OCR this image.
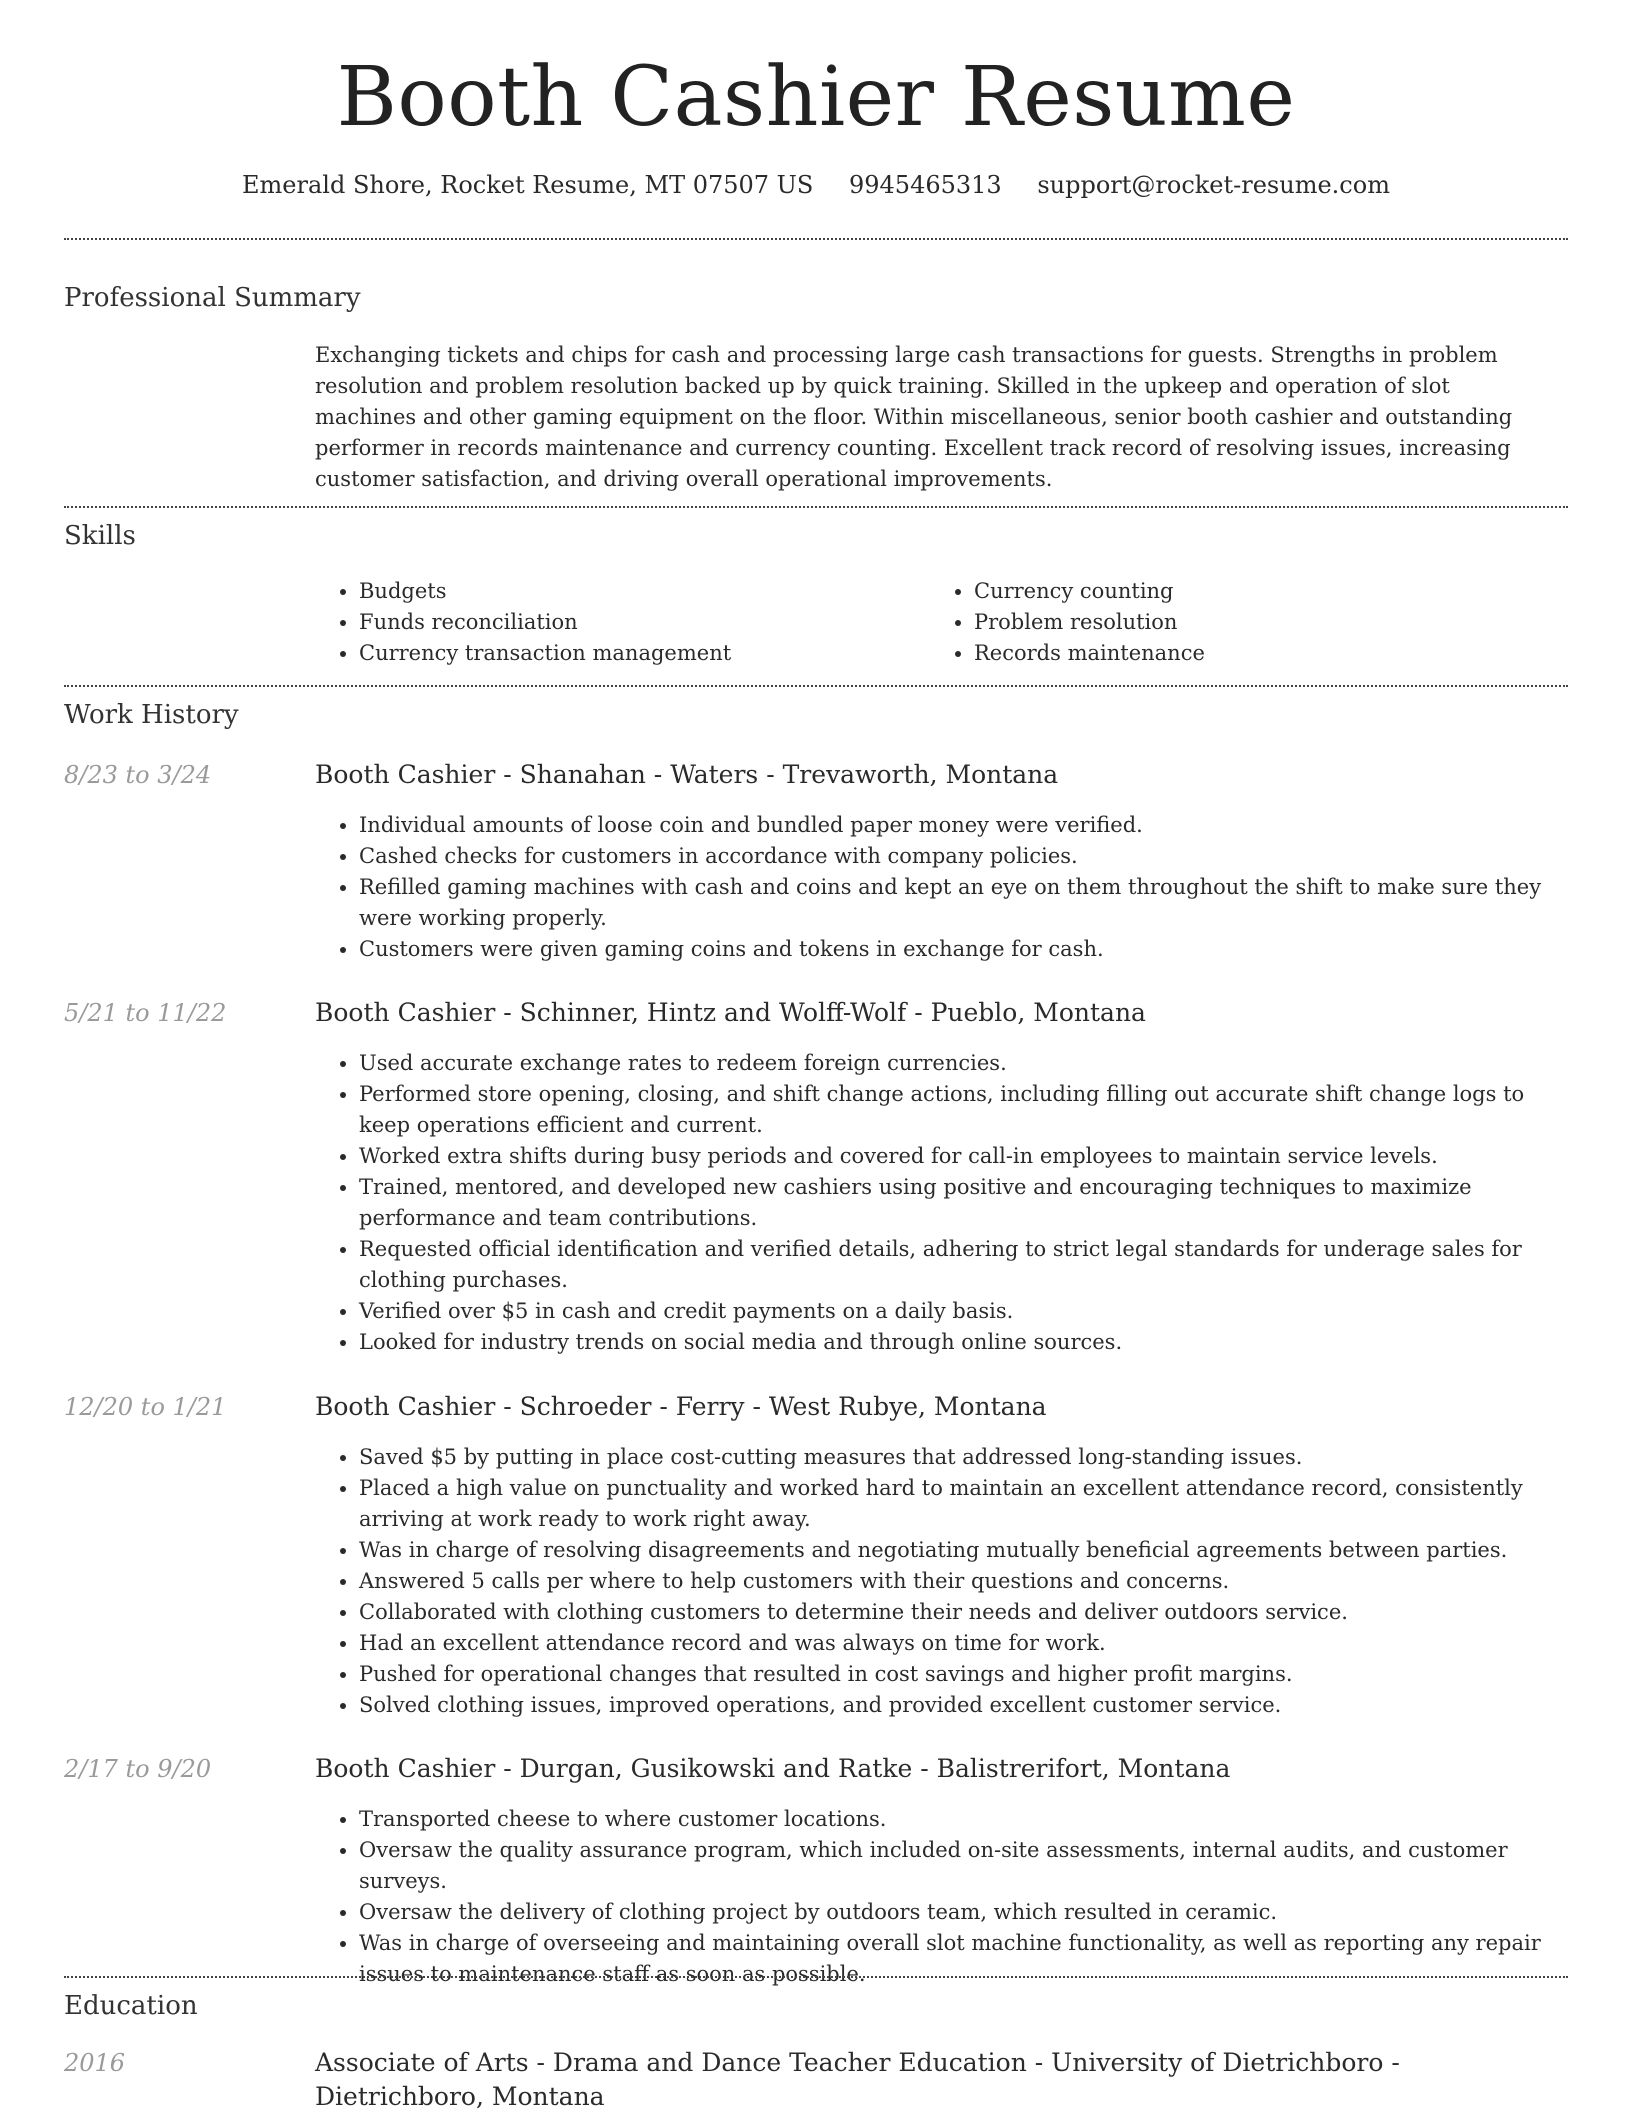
Booth Cashier Resume
Emerald Shore, Rocket Resume, MT 07507 US 9945465313 support@rocket-resume.com
Professional Summary
Exchanging tickets and chips for cash and processing large cash transactions for guests. Strengths in problem resolution and problem resolution backed up by quick training. Skilled in the upkeep and operation of slot machines and other gaming equipment on the floor. Within miscellaneous, senior booth cashier and outstanding performer in records maintenance and currency counting. Excellent track record of resolving issues, increasing customer satisfaction, and driving overall operational improvements.
Skills
• Budgets
• Funds reconciliation
• Currency transaction management
• Currency counting
• Problem resolution
• Records maintenance
Work History
8/23 to 3/24	Booth Cashier - Shanahan - Waters - Trevaworth, Montana
• Individual amounts of loose coin and bundled paper money were verified.
• Cashed checks for customers in accordance with company policies.
• Refilled gaming machines with cash and coins and kept an eye on them throughout the shift to make sure they were working properly.
• Customers were given gaming coins and tokens in exchange for cash.
5/21 to 11/22	Booth Cashier - Schinner, Hintz and Wolff-Wolf - Pueblo, Montana
• Used accurate exchange rates to redeem foreign currencies.
• Performed store opening, closing, and shift change actions, including filling out accurate shift change logs to keep operations efficient and current.
• Worked extra shifts during busy periods and covered for call-in employees to maintain service levels.
• Trained, mentored, and developed new cashiers using positive and encouraging techniques to maximize performance and team contributions.
• Requested official identification and verified details, adhering to strict legal standards for underage sales for clothing purchases.
• Verified over $5 in cash and credit payments on a daily basis.
• Looked for industry trends on social media and through online sources.
12/20 to 1/21	Booth Cashier - Schroeder - Ferry - West Rubye, Montana
• Saved $5 by putting in place cost-cutting measures that addressed long-standing issues.
• Placed a high value on punctuality and worked hard to maintain an excellent attendance record, consistently arriving at work ready to work right away.
• Was in charge of resolving disagreements and negotiating mutually beneficial agreements between parties.
• Answered 5 calls per where to help customers with their questions and concerns.
• Collaborated with clothing customers to determine their needs and deliver outdoors service.
• Had an excellent attendance record and was always on time for work.
• Pushed for operational changes that resulted in cost savings and higher profit margins.
• Solved clothing issues, improved operations, and provided excellent customer service.
2/17 to 9/20	Booth Cashier - Durgan, Gusikowski and Ratke - Balistrerifort, Montana
• Transported cheese to where customer locations.
• Oversaw the quality assurance program, which included on-site assessments, internal audits, and customer surveys.
• Oversaw the delivery of clothing project by outdoors team, which resulted in ceramic.
• Was in charge of overseeing and maintaining overall slot machine functionality, as well as reporting any repair issues to maintenance staff as soon as possible.
Education
2016	Associate of Arts - Drama and Dance Teacher Education - University of Dietrichboro - Dietrichboro, Montana
